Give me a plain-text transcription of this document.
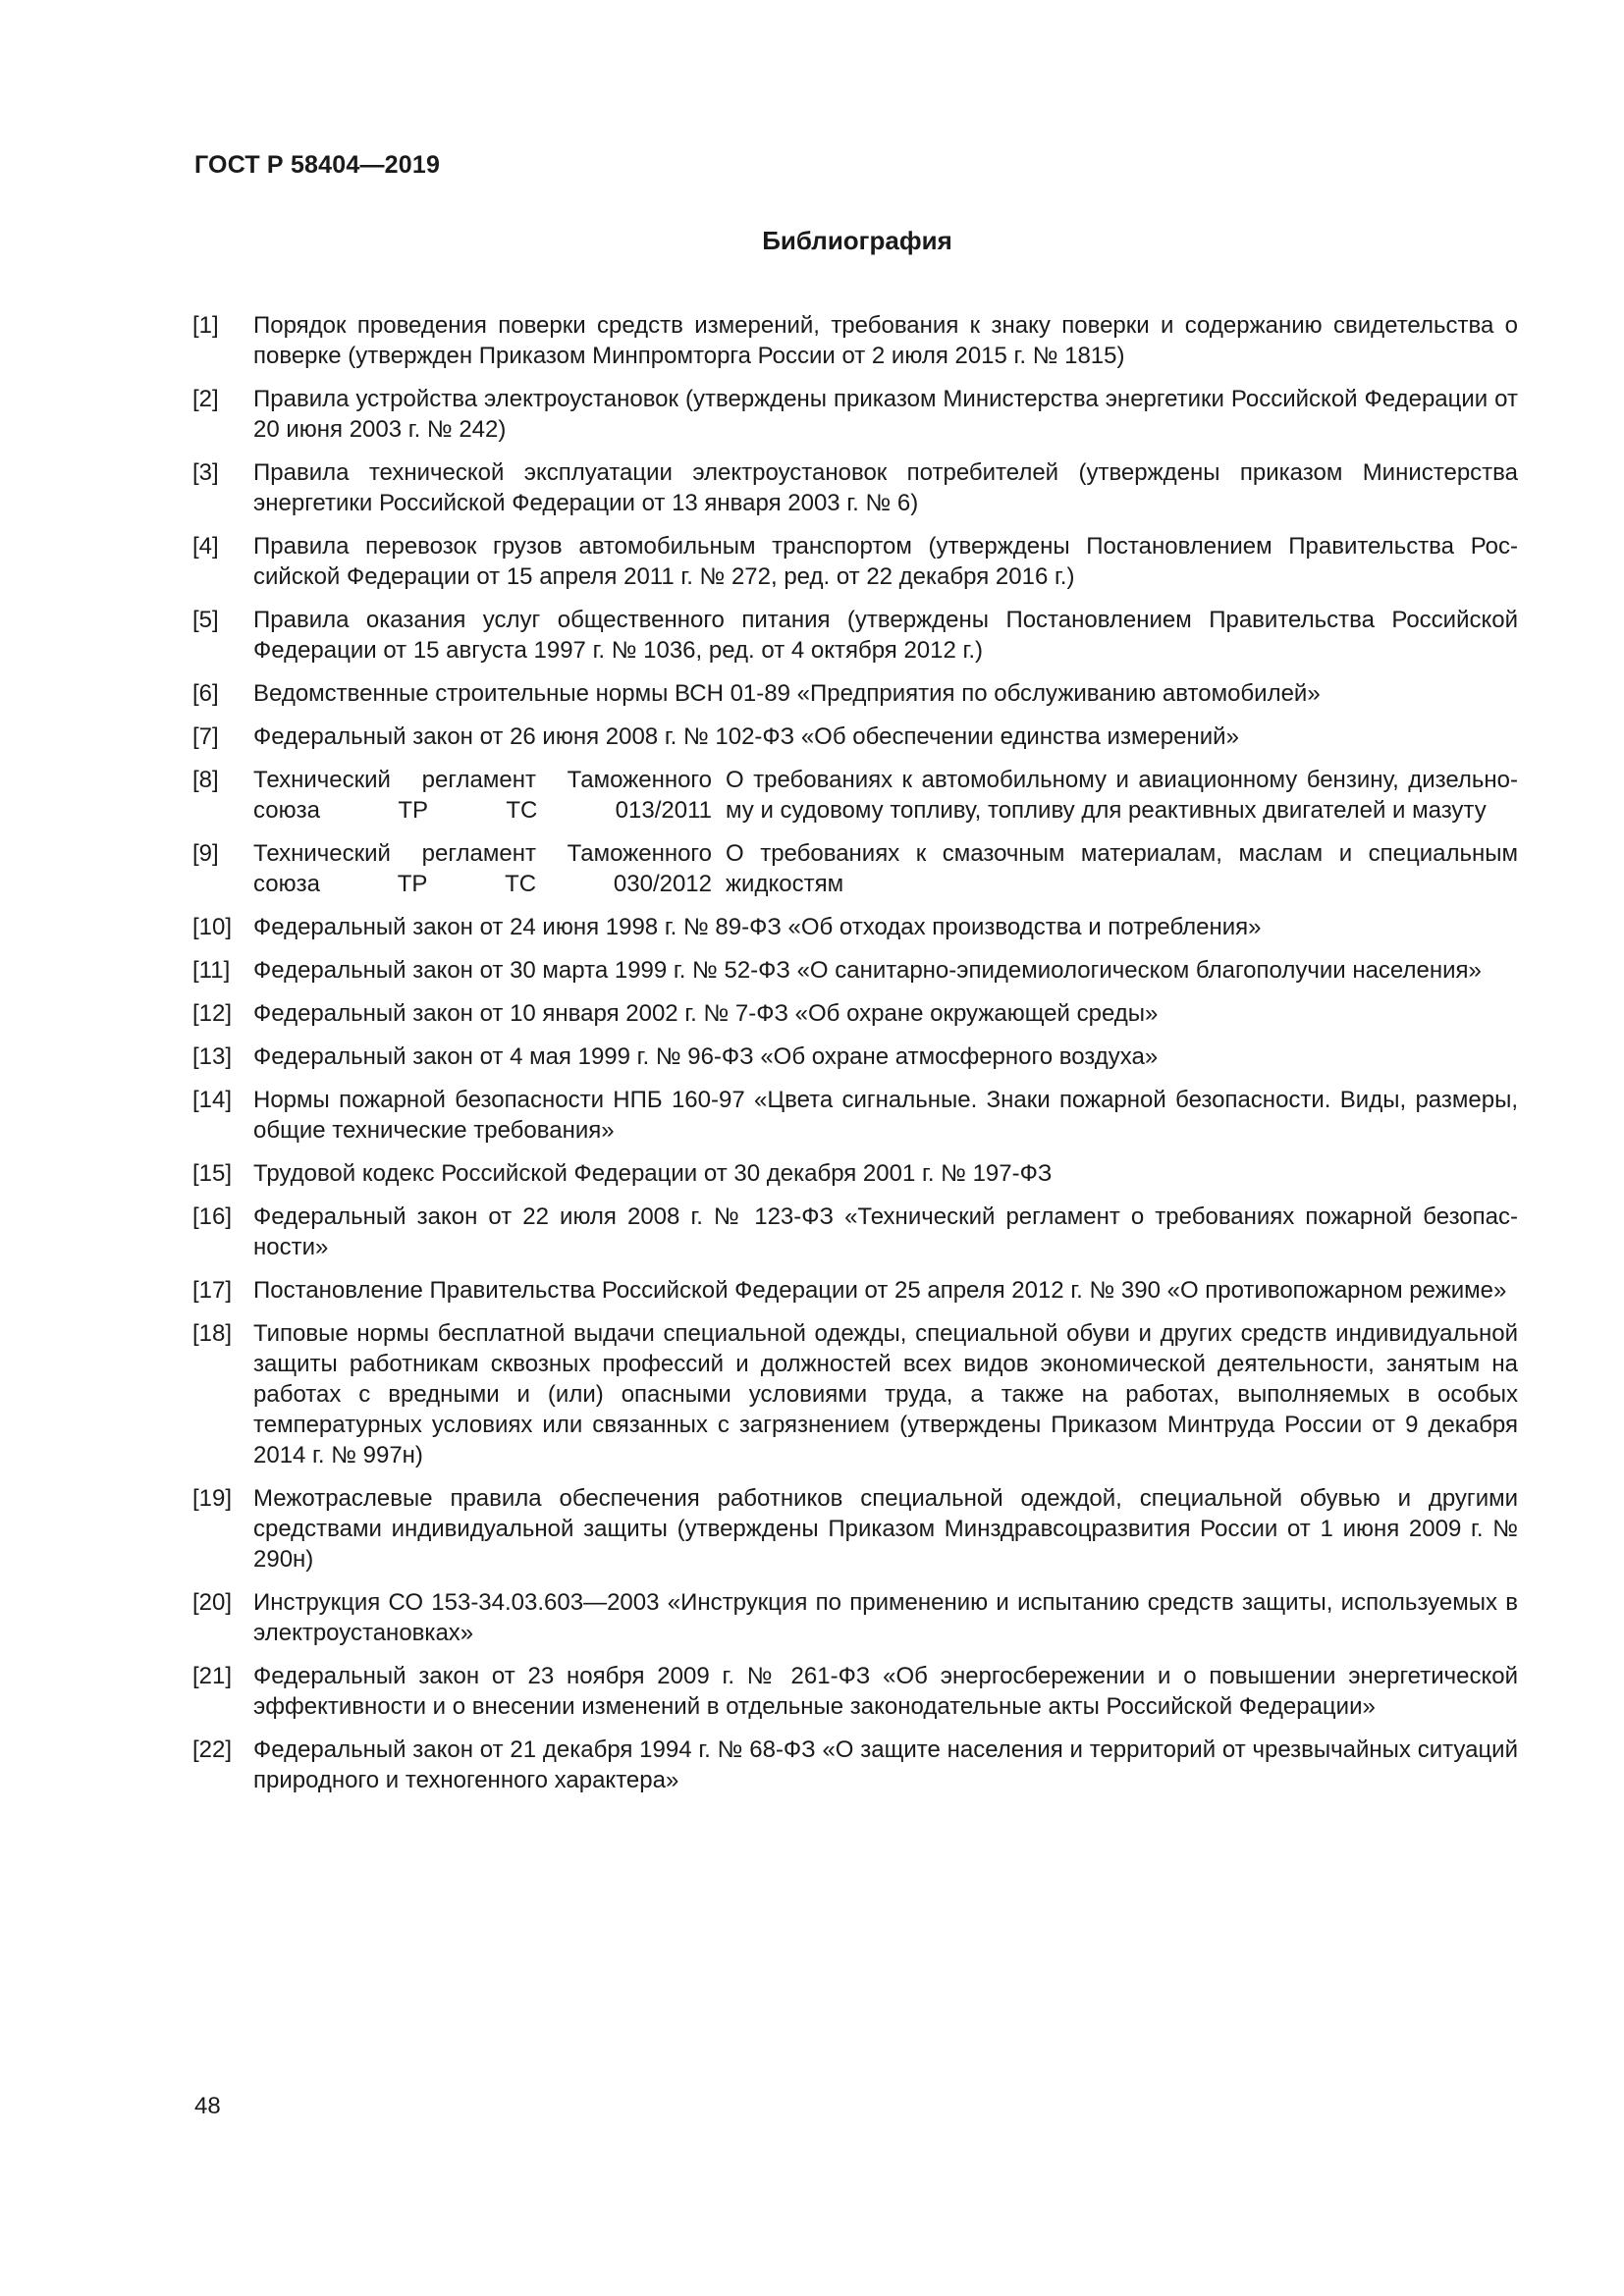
ГОСТ Р 58404—2019
Библиография
[1]	Порядок проведения поверки средств измерений, требования к знаку поверки и содержанию свидетельства о поверке (утвержден Приказом Минпромторга России от 2 июля 2015 г. № 1815)
[2]	Правила устройства электроустановок (утверждены приказом Министерства энергетики Российской Федерации от 20 июня 2003 г. № 242)
[3]	Правила технической эксплуатации электроустановок потребителей (утверждены приказом Министерства энергетики Российской Федерации от 13 января 2003 г. № 6)
[4]	Правила перевозок грузов автомобильным транспортом (утверждены Постановлением Правительства Российской Федерации от 15 апреля 2011 г. № 272, ред. от 22 декабря 2016 г.)
[5]	Правила оказания услуг общественного питания (утверждены Постановлением Правительства Российской Федерации от 15 августа 1997 г. № 1036, ред. от 4 октября 2012 г.)
[6]	Ведомственные строительные нормы ВСН 01-89 «Предприятия по обслуживанию автомобилей»
[7]	Федеральный закон от 26 июня 2008 г. № 102-ФЗ «Об обеспечении единства измерений»
[8]	Технический регламент Таможенного союза ТР ТС 013/2011
О требованиях к автомобильному и авиационному бензину, дизельному и судовому топливу, топливу для реактивных двигателей и мазуту
[9]	Технический регламент Таможенного союза ТР ТС 030/2012
О требованиях к смазочным материалам, маслам и специальным жидкостям
[10] Федеральный закон от 24 июня 1998 г. № 89-ФЗ «Об отходах производства и потребления»
[11] Федеральный закон от 30 марта 1999 г. № 52-ФЗ «О санитарно-эпидемиологическом благополучии населения»
[12] Федеральный закон от 10 января 2002 г. № 7-ФЗ «Об охране окружающей среды»
[13] Федеральный закон от 4 мая 1999 г. № 96-ФЗ «Об охране атмосферного воздуха»
[14] Нормы пожарной безопасности НПБ 160-97 «Цвета сигнальные. Знаки пожарной безопасности. Виды, размеры, общие технические требования»
[15] Трудовой кодекс Российской Федерации от 30 декабря 2001 г. № 197-ФЗ
[16] Федеральный закон от 22 июля 2008 г. № 123-ФЗ «Технический регламент о требованиях пожарной безопасности»
[17] Постановление Правительства Российской Федерации от 25 апреля 2012 г. № 390 «О противопожарном режиме»
[18] Типовые нормы бесплатной выдачи специальной одежды, специальной обуви и других средств индивидуальной защиты работникам сквозных профессий и должностей всех видов экономической деятельности, занятым на работах с вредными и (или) опасными условиями труда, а также на работах, выполняемых в особых температурных условиях или связанных с загрязнением (утверждены Приказом Минтруда России от 9 декабря 2014 г. № 997н)
[19] Межотраслевые правила обеспечения работников специальной одеждой, специальной обувью и другими средствами индивидуальной защиты (утверждены Приказом Минздравсоцразвития России от 1 июня 2009 г. № 290н)
[20] Инструкция СО 153-34.03.603—2003 «Инструкция по применению и испытанию средств защиты, используемых в электроустановках»
[21] Федеральный закон от 23 ноября 2009 г. № 261-ФЗ «Об энергосбережении и о повышении энергетической эффективности и о внесении изменений в отдельные законодательные акты Российской Федерации»
[22] Федеральный закон от 21 декабря 1994 г. № 68-ФЗ «О защите населения и территорий от чрезвычайных ситуаций природного и техногенного характера»
48
